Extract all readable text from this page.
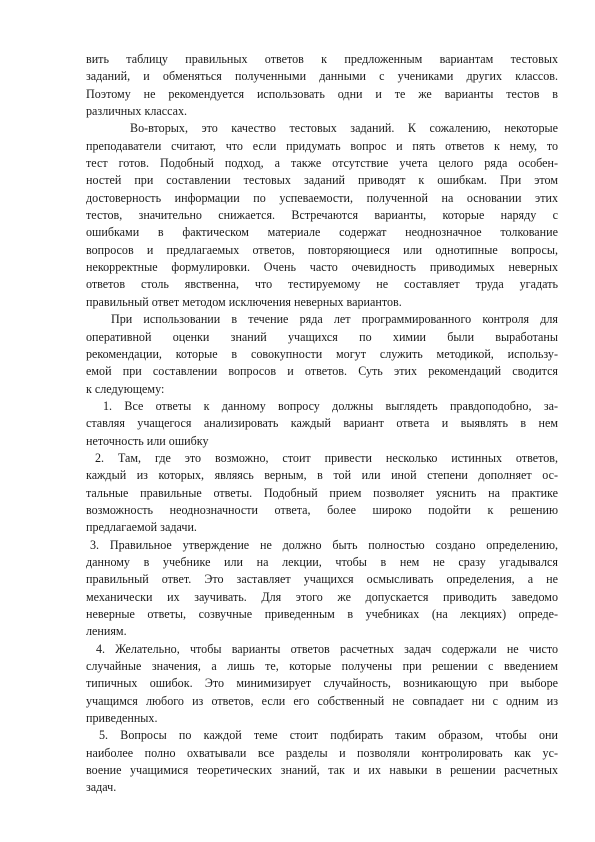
вить таблицу правильных ответов к предложенным вариантам тестовых
заданий, и обменяться полученными данными с учениками других классов.
Поэтому не рекомендуется использовать одни и те же варианты тестов в
различных классах.
Во-вторых, это качество тестовых заданий. К сожалению, некоторые
преподаватели считают, что если придумать вопрос и пять ответов к нему, то
тест готов. Подобный подход, а также отсутствие учета целого ряда особен-
ностей при составлении тестовых заданий приводят к ошибкам. При этом
достоверность информации по успеваемости, полученной на основании этих
тестов, значительно снижается. Встречаются варианты, которые наряду с
ошибками в фактическом материале содержат неоднозначное толкование
вопросов и предлагаемых ответов, повторяющиеся или однотипные вопросы,
некорректные формулировки. Очень часто очевидность приводимых неверных
ответов столь явственна, что тестируемому не составляет труда угадать
правильный ответ методом исключения неверных вариантов.
При использовании в течение ряда лет программированного контроля для
оперативной оценки знаний учащихся по химии были выработаны
рекомендации, которые в совокупности могут служить методикой, использу-
емой при составлении вопросов и ответов. Суть этих рекомендаций сводится
к следующему:
1. Все ответы к данному вопросу должны выглядеть правдоподобно, за-
ставляя учащегося анализировать каждый вариант ответа и выявлять в нем
неточность или ошибку
2. Там, где это возможно, стоит привести несколько истинных ответов,
каждый из которых, являясь верным, в той или иной степени дополняет ос-
тальные правильные ответы. Подобный прием позволяет уяснить на практике
возможность неоднозначности ответа, более широко подойти к решению
предлагаемой задачи.
3. Правильное утверждение не должно быть полностью создано определению,
данному в учебнике или на лекции, чтобы в нем не сразу угадывался
правильный ответ. Это заставляет учащихся осмысливать определения, а не
механически их заучивать. Для этого же допускается приводить заведомо
неверные ответы, созвучные приведенным в учебниках (на лекциях) опреде-
лениям.
4. Желательно, чтобы варианты ответов расчетных задач содержали не чисто
случайные значения, а лишь те, которые получены при решении с введением
типичных ошибок. Это минимизирует случайность, возникающую при выборе
учащимся любого из ответов, если его собственный не совпадает ни с одним из
приведенных.
5. Вопросы по каждой теме стоит подбирать таким образом, чтобы они
наиболее полно охватывали все разделы и позволяли контролировать как ус-
воение учащимися теоретических знаний, так и их навыки в решении расчетных
задач.
